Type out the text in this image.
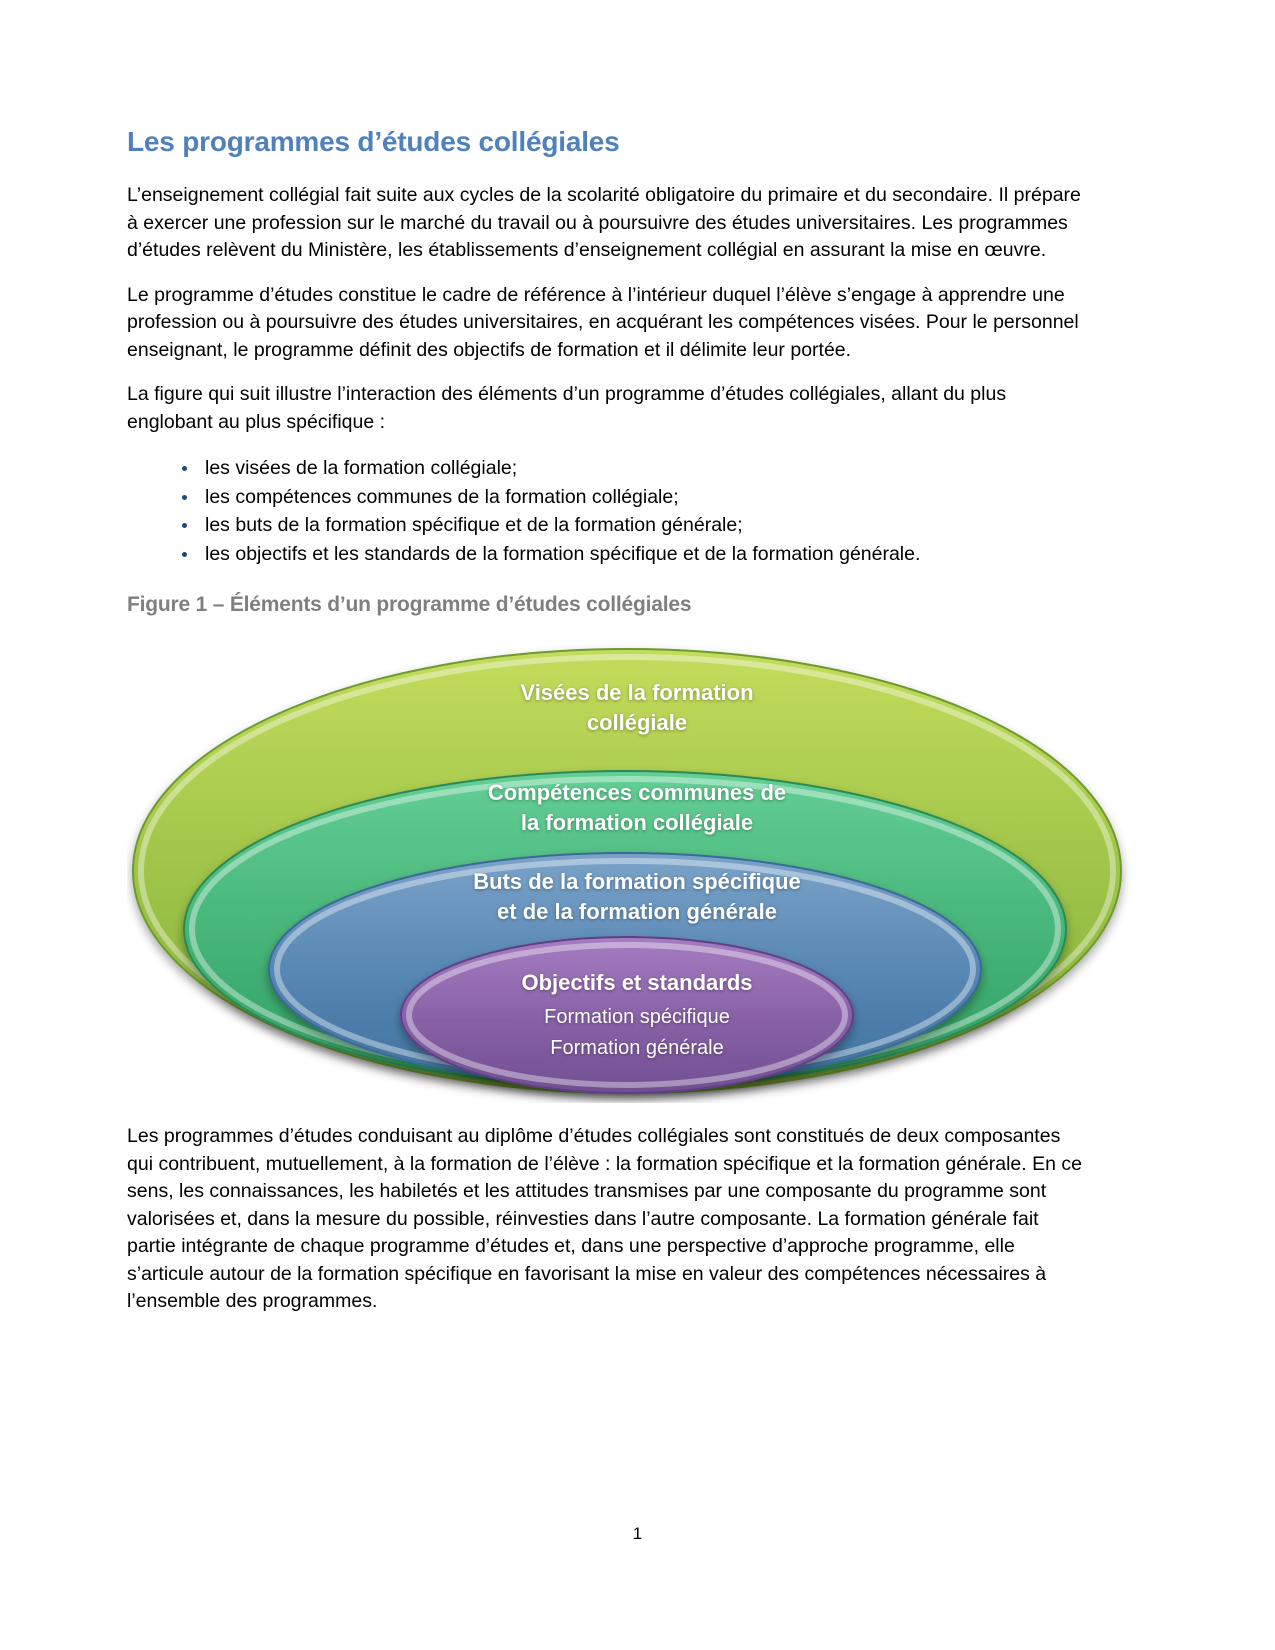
Les programmes d’études collégiales

L’enseignement collégial fait suite aux cycles de la scolarité obligatoire du primaire et du secondaire. Il prépare à exercer une profession sur le marché du travail ou à poursuivre des études universitaires. Les programmes d’études relèvent du Ministère, les établissements d’enseignement collégial en assurant la mise en œuvre.

Le programme d’études constitue le cadre de référence à l’intérieur duquel l’élève s’engage à apprendre une profession ou à poursuivre des études universitaires, en acquérant les compétences visées. Pour le personnel enseignant, le programme définit des objectifs de formation et il délimite leur portée.

La figure qui suit illustre l’interaction des éléments d’un programme d’études collégiales, allant du plus englobant au plus spécifique :

• les visées de la formation collégiale;
• les compétences communes de la formation collégiale;
• les buts de la formation spécifique et de la formation générale;
• les objectifs et les standards de la formation spécifique et de la formation générale.
Figure 1 – Éléments d’un programme d’études collégiales
Visées de la formation
collégiale
Compétences communes de
la formation collégiale
Buts de la formation spécifique
et de la formation générale
Objectifs et standards
Formation spécifique
Formation générale

Les programmes d’études conduisant au diplôme d’études collégiales sont constitués de deux composantes qui contribuent, mutuellement, à la formation de l’élève : la formation spécifique et la formation générale. En ce sens, les connaissances, les habiletés et les attitudes transmises par une composante du programme sont valorisées et, dans la mesure du possible, réinvesties dans l’autre composante. La formation générale fait partie intégrante de chaque programme d’études et, dans une perspective d’approche programme, elle s’articule autour de la formation spécifique en favorisant la mise en valeur des compétences nécessaires à l’ensemble des programmes.

1
